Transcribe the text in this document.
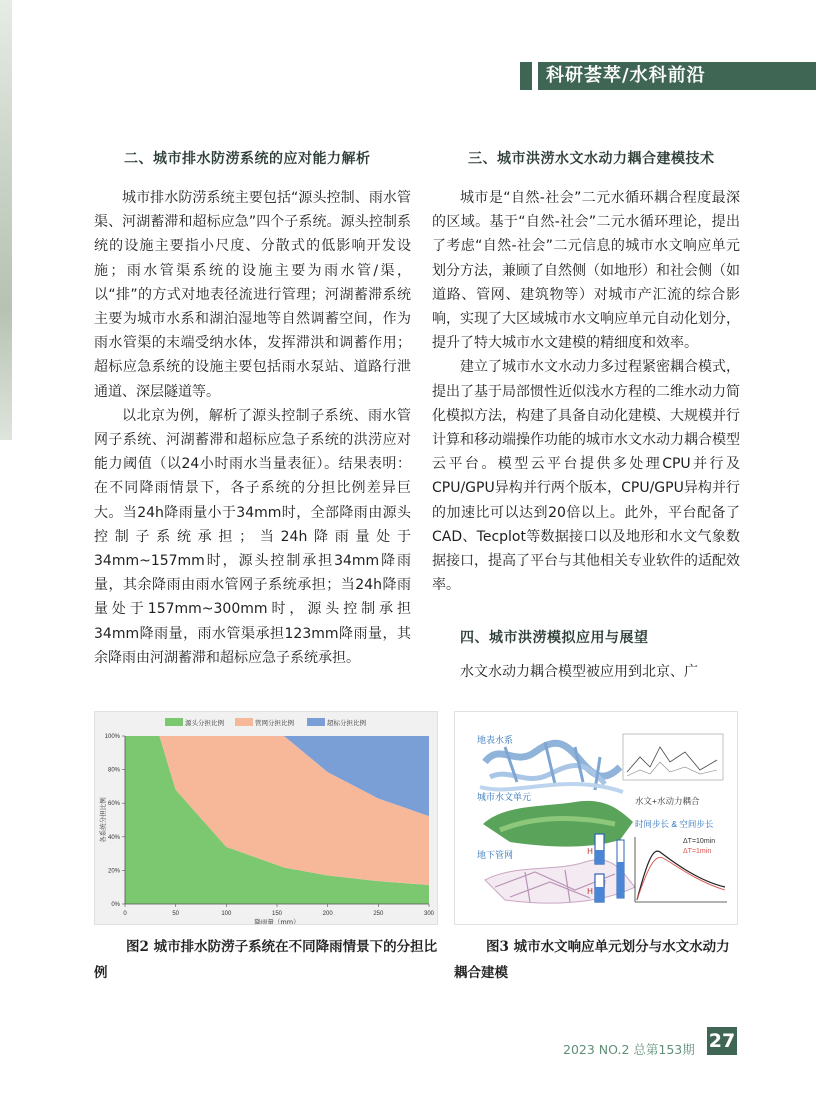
科研荟萃/水科前沿
二、城市排水防涝系统的应对能力解析

城市排水防涝系统主要包括“源头控制、雨水管渠、河湖蓄滞和超标应急”四个子系统。源头控制系统的设施主要指小尺度、分散式的低影响开发设施；雨水管渠系统的设施主要为雨水管/渠，以“排”的方式对地表径流进行管理；河湖蓄滞系统主要为城市水系和湖泊湿地等自然调蓄空间，作为雨水管渠的末端受纳水体，发挥滞洪和调蓄作用；超标应急系统的设施主要包括雨水泵站、道路行泄通道、深层隧道等。

以北京为例，解析了源头控制子系统、雨水管网子系统、河湖蓄滞和超标应急子系统的洪涝应对能力阈值（以24小时雨水当量表征）。结果表明：在不同降雨情景下，各子系统的分担比例差异巨大。当24h降雨量小于34mm时，全部降雨由源头控制子系统承担；当24h降雨量处于34mm~157mm时，源头控制承担34mm降雨量，其余降雨由雨水管网子系统承担；当24h降雨量处于157mm~300mm时，源头控制承担34mm降雨量，雨水管渠承担123mm降雨量，其余降雨由河湖蓄滞和超标应急子系统承担。

三、城市洪涝水文水动力耦合建模技术

城市是“自然-社会”二元水循环耦合程度最深的区域。基于“自然-社会”二元水循环理论，提出了考虑“自然-社会”二元信息的城市水文响应单元划分方法，兼顾了自然侧（如地形）和社会侧（如道路、管网、建筑物等）对城市产汇流的综合影响，实现了大区域城市水文响应单元自动化划分，提升了特大城市水文建模的精细度和效率。

建立了城市水文水动力多过程紧密耦合模式，提出了基于局部惯性近似浅水方程的二维水动力简化模拟方法，构建了具备自动化建模、大规模并行计算和移动端操作功能的城市水文水动力耦合模型云平台。模型云平台提供多处理CPU并行及CPU/GPU异构并行两个版本，CPU/GPU异构并行的加速比可以达到20倍以上。此外，平台配备了CAD、Tecplot等数据接口以及地形和水文气象数据接口，提高了平台与其他相关专业软件的适配效率。

四、城市洪涝模拟应用与展望

水文水动力耦合模型被应用到北京、广

0	50	100	150	200	250	300
0%
20%
40%
60%
80%
100%
降雨量（mm）
各系统分担比例
源头分担比例	管网分担比例	超标分担比例
图2 城市排水防涝子系统在不同降雨情景下的分担比例
地表水系
城市水文单元
地下管网
水文+水动力耦合
时间步长 & 空间步长
H
H
ΔT=10min
ΔT=1min
图3 城市水文响应单元划分与水文水动力耦合建模
2023 NO.2 总第153期 27
